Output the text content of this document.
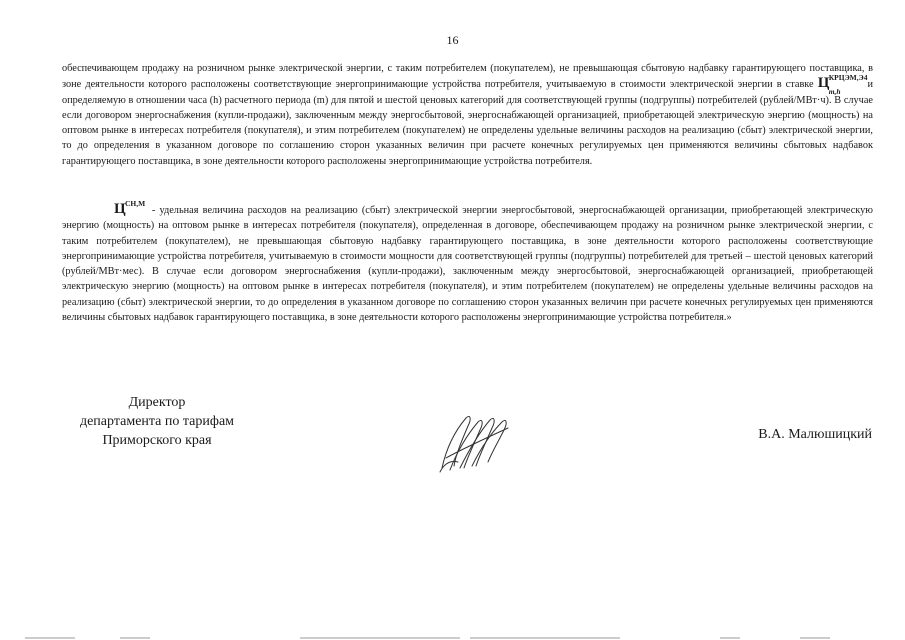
16

обеспечивающем продажу на розничном рынке электрической энергии, с таким потребителем (покупателем), не превышающая сбытовую надбавку гарантирующего поставщика, в зоне деятельности которого расположены соответствующие энергопринимающие устройства потребителя, учитываемую в стоимости электрической энергии в ставке Ц КРЦЭМ,Э4
m,h
и определяемую в отношении часа (h) расчетного периода (m) для пятой и шестой ценовых категорий для соответствующей группы (подгруппы) потребителей (рублей/МВт·ч). В случае если договором энергоснабжения (купли-продажи), заключенным между энергосбытовой, энергоснабжающей организацией, приобретающей электрическую энергию (мощность) на оптовом рынке в интересах потребителя (покупателя), и этим потребителем (покупателем) не определены удельные величины расходов на реализацию (сбыт) электрической энергии, то до определения в указанном договоре по соглашению сторон указанных величин при расчете конечных регулируемых цен применяются величины сбытовых надбавок гарантирующего поставщика, в зоне деятельности которого расположены энергопринимающие устройства потребителя.

Ц СН,М
- удельная величина расходов на реализацию (сбыт) электрической энергии энергосбытовой, энергоснабжающей организации, приобретающей электрическую энергию (мощность) на оптовом рынке в интересах потребителя (покупателя), определенная в договоре, обеспечивающем продажу на розничном рынке электрической энергии, с таким потребителем (покупателем), не превышающая сбытовую надбавку гарантирующего поставщика, в зоне деятельности которого расположены соответствующие энергопринимающие устройства потребителя, учитываемую в стоимости мощности для соответствующей группы (подгруппы) потребителей для третьей – шестой ценовых категорий (рублей/МВт·мес). В случае если договором энергоснабжения (купли-продажи), заключенным между энергосбытовой, энергоснабжающей организацией, приобретающей электрическую энергию (мощность) на оптовом рынке в интересах потребителя (покупателя), и этим потребителем (покупателем) не определены удельные величины расходов на реализацию (сбыт) электрической энергии, то до определения в указанном договоре по соглашению сторон указанных величин при расчете конечных регулируемых цен применяются величины сбытовых надбавок гарантирующего поставщика, в зоне деятельности которого расположены энергопринимающие устройства потребителя.»

Директор
департамента по тарифам
Приморского края	В.А. Малюшицкий
